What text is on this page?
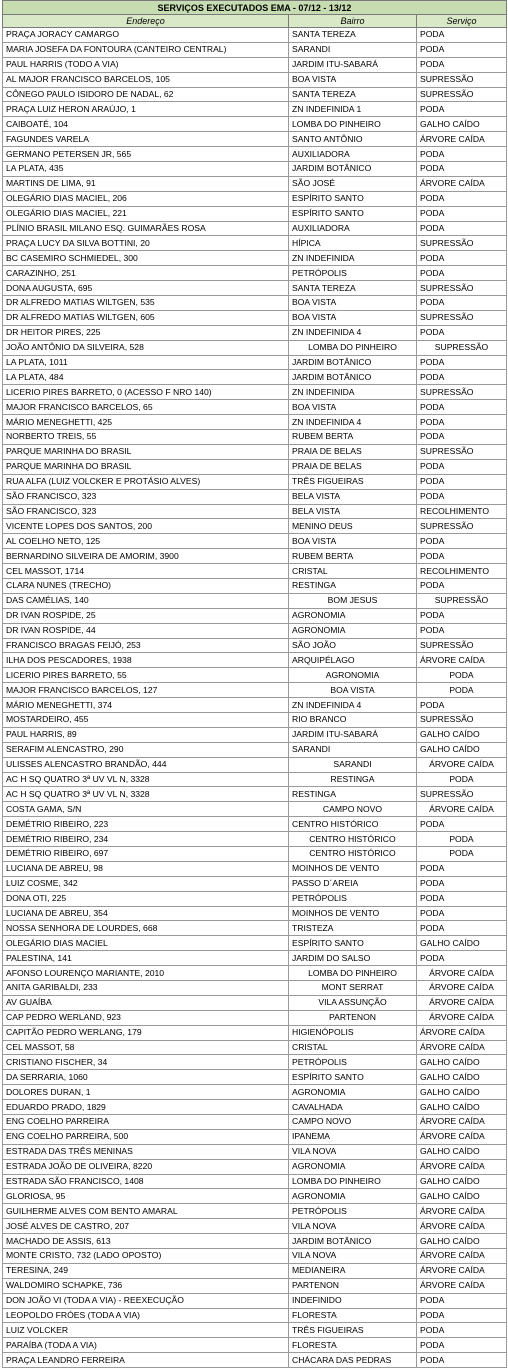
SERVIÇOS EXECUTADOS EMA - 07/12 - 13/12		
Endereço	Bairro	Serviço
PRAÇA JORACY CAMARGO	SANTA TEREZA	PODA
MARIA JOSEFA DA FONTOURA (CANTEIRO CENTRAL)	SARANDI	PODA
PAUL HARRIS (TODO A VIA)	JARDIM ITU-SABARÁ	PODA
AL MAJOR FRANCISCO BARCELOS, 105	BOA VISTA	SUPRESSÃO
CÔNEGO PAULO ISIDORO DE NADAL, 62	SANTA TEREZA	SUPRESSÃO
PRAÇA LUIZ HERON ARAÚJO, 1	ZN INDEFINIDA 1	PODA
CAIBOATÉ, 104	LOMBA DO PINHEIRO	GALHO CAÍDO
FAGUNDES VARELA	SANTO ANTÔNIO	ÁRVORE CAÍDA
GERMANO PETERSEN JR, 565	AUXILIADORA	PODA
LA PLATA, 435	JARDIM BOTÂNICO	PODA
MARTINS DE LIMA, 91	SÃO JOSÉ	ÁRVORE CAÍDA
OLEGÁRIO DIAS MACIEL, 206	ESPÍRITO SANTO	PODA
OLEGÁRIO DIAS MACIEL, 221	ESPÍRITO SANTO	PODA
PLÍNIO BRASIL MILANO ESQ. GUIMARÃES ROSA	AUXILIADORA	PODA
PRAÇA LUCY DA SILVA BOTTINI, 20	HÍPICA	SUPRESSÃO
BC CASEMIRO SCHMIEDEL, 300	ZN INDEFINIDA	PODA
CARAZINHO, 251	PETRÓPOLIS	PODA
DONA AUGUSTA, 695	SANTA TEREZA	SUPRESSÃO
DR ALFREDO MATIAS WILTGEN, 535	BOA VISTA	PODA
DR ALFREDO MATIAS WILTGEN, 605	BOA VISTA	SUPRESSÃO
DR HEITOR PIRES, 225	ZN INDEFINIDA 4	PODA
JOÃO ANTÔNIO DA SILVEIRA, 528	LOMBA DO PINHEIRO	SUPRESSÃO
LA PLATA, 1011	JARDIM BOTÂNICO	PODA
LA PLATA, 484	JARDIM BOTÂNICO	PODA
LICERIO PIRES BARRETO, 0 (ACESSO F NRO 140)	ZN INDEFINIDA	SUPRESSÃO
MAJOR FRANCISCO BARCELOS, 65	BOA VISTA	PODA
MÁRIO MENEGHETTI, 425	ZN INDEFINIDA 4	PODA
NORBERTO TREIS, 55	RUBEM BERTA	PODA
PARQUE MARINHA DO BRASIL	PRAIA DE BELAS	SUPRESSÃO
PARQUE MARINHA DO BRASIL	PRAIA DE BELAS	PODA
RUA ALFA (LUIZ VOLCKER E PROTÁSIO ALVES)	TRÊS FIGUEIRAS	PODA
SÃO FRANCISCO, 323	BELA VISTA	PODA
SÃO FRANCISCO, 323	BELA VISTA	RECOLHIMENTO
VICENTE LOPES DOS SANTOS, 200	MENINO DEUS	SUPRESSÃO
AL COELHO NETO, 125	BOA VISTA	PODA
BERNARDINO SILVEIRA DE AMORIM, 3900	RUBEM BERTA	PODA
CEL MASSOT, 1714	CRISTAL	RECOLHIMENTO
CLARA NUNES (TRECHO)	RESTINGA	PODA
DAS CAMÉLIAS, 140	BOM JESUS	SUPRESSÃO
DR IVAN ROSPIDE, 25	AGRONOMIA	PODA
DR IVAN ROSPIDE, 44	AGRONOMIA	PODA
FRANCISCO BRAGAS FEIJÓ, 253	SÃO JOÃO	SUPRESSÃO
ILHA DOS PESCADORES, 1938	ARQUIPÉLAGO	ÁRVORE CAÍDA
LICERIO PIRES BARRETO, 55	AGRONOMIA	PODA
MAJOR FRANCISCO BARCELOS, 127	BOA VISTA	PODA
MÁRIO MENEGHETTI, 374	ZN INDEFINIDA 4	PODA
MOSTARDEIRO, 455	RIO BRANCO	SUPRESSÃO
PAUL HARRIS, 89	JARDIM ITU-SABARÁ	GALHO CAÍDO
SERAFIM ALENCASTRO, 290	SARANDI	GALHO CAÍDO
ULISSES ALENCASTRO BRANDÃO, 444	SARANDI	ÁRVORE CAÍDA
AC H SQ QUATRO 3ª UV VL N, 3328	RESTINGA	PODA
AC H SQ QUATRO 3ª UV VL N, 3328	RESTINGA	SUPRESSÃO
COSTA GAMA, S/N	CAMPO NOVO	ÁRVORE CAÍDA
DEMÉTRIO RIBEIRO, 223	CENTRO HISTÓRICO	PODA
DEMÉTRIO RIBEIRO, 234	CENTRO HISTÓRICO	PODA
DEMÉTRIO RIBEIRO, 697	CENTRO HISTÓRICO	PODA
LUCIANA DE ABREU, 98	MOINHOS DE VENTO	PODA
LUIZ COSME, 342	PASSO D´AREIA	PODA
DONA OTI, 225	PETRÓPOLIS	PODA
LUCIANA DE ABREU, 354	MOINHOS DE VENTO	PODA
NOSSA SENHORA DE LOURDES, 668	TRISTEZA	PODA
OLEGÁRIO DIAS MACIEL	ESPÍRITO SANTO	GALHO CAÍDO
PALESTINA, 141	JARDIM DO SALSO	PODA
AFONSO LOURENÇO MARIANTE, 2010	LOMBA DO PINHEIRO	ÁRVORE CAÍDA
ANITA GARIBALDI, 233	MONT SERRAT	ÁRVORE CAÍDA
AV GUAÍBA	VILA ASSUNÇÃO	ÁRVORE CAÍDA
CAP PEDRO WERLAND, 923	PARTENON	ÁRVORE CAÍDA
CAPITÃO PEDRO WERLANG, 179	HIGIENÓPOLIS	ÁRVORE CAÍDA
CEL MASSOT, 58	CRISTAL	ÁRVORE CAÍDA
CRISTIANO FISCHER, 34	PETRÓPOLIS	GALHO CAÍDO
DA SERRARIA, 1060	ESPÍRITO SANTO	GALHO CAÍDO
DOLORES DURAN, 1	AGRONOMIA	GALHO CAÍDO
EDUARDO PRADO, 1829	CAVALHADA	GALHO CAÍDO
ENG COELHO PARREIRA	CAMPO NOVO	ÁRVORE CAÍDA
ENG COELHO PARREIRA, 500	IPANEMA	ÁRVORE CAÍDA
ESTRADA DAS TRÊS MENINAS	VILA NOVA	GALHO CAÍDO
ESTRADA JOÃO DE OLIVEIRA, 8220	AGRONOMIA	ÁRVORE CAÍDA
ESTRADA SÃO FRANCISCO, 1408	LOMBA DO PINHEIRO	GALHO CAÍDO
GLORIOSA, 95	AGRONOMIA	GALHO CAÍDO
GUILHERME ALVES COM BENTO AMARAL	PETRÓPOLIS	ÁRVORE CAÍDA
JOSÉ ALVES DE CASTRO, 207	VILA NOVA	ÁRVORE CAÍDA
MACHADO DE ASSIS, 613	JARDIM BOTÂNICO	GALHO CAÍDO
MONTE CRISTO, 732 (LADO OPOSTO)	VILA NOVA	ÁRVORE CAÍDA
TERESINA, 249	MEDIANEIRA	ÁRVORE CAÍDA
WALDOMIRO SCHAPKE, 736	PARTENON	ÁRVORE CAÍDA
DON JOÃO VI (TODA A VIA) - REEXECUÇÃO	INDEFINIDO	PODA
LEOPOLDO FRÓES (TODA A VIA)	FLORESTA	PODA
LUIZ VOLCKER	TRÊS FIGUEIRAS	PODA
PARAÍBA (TODA A VIA)	FLORESTA	PODA
PRAÇA LEANDRO FERREIRA	CHÁCARA DAS PEDRAS	PODA
